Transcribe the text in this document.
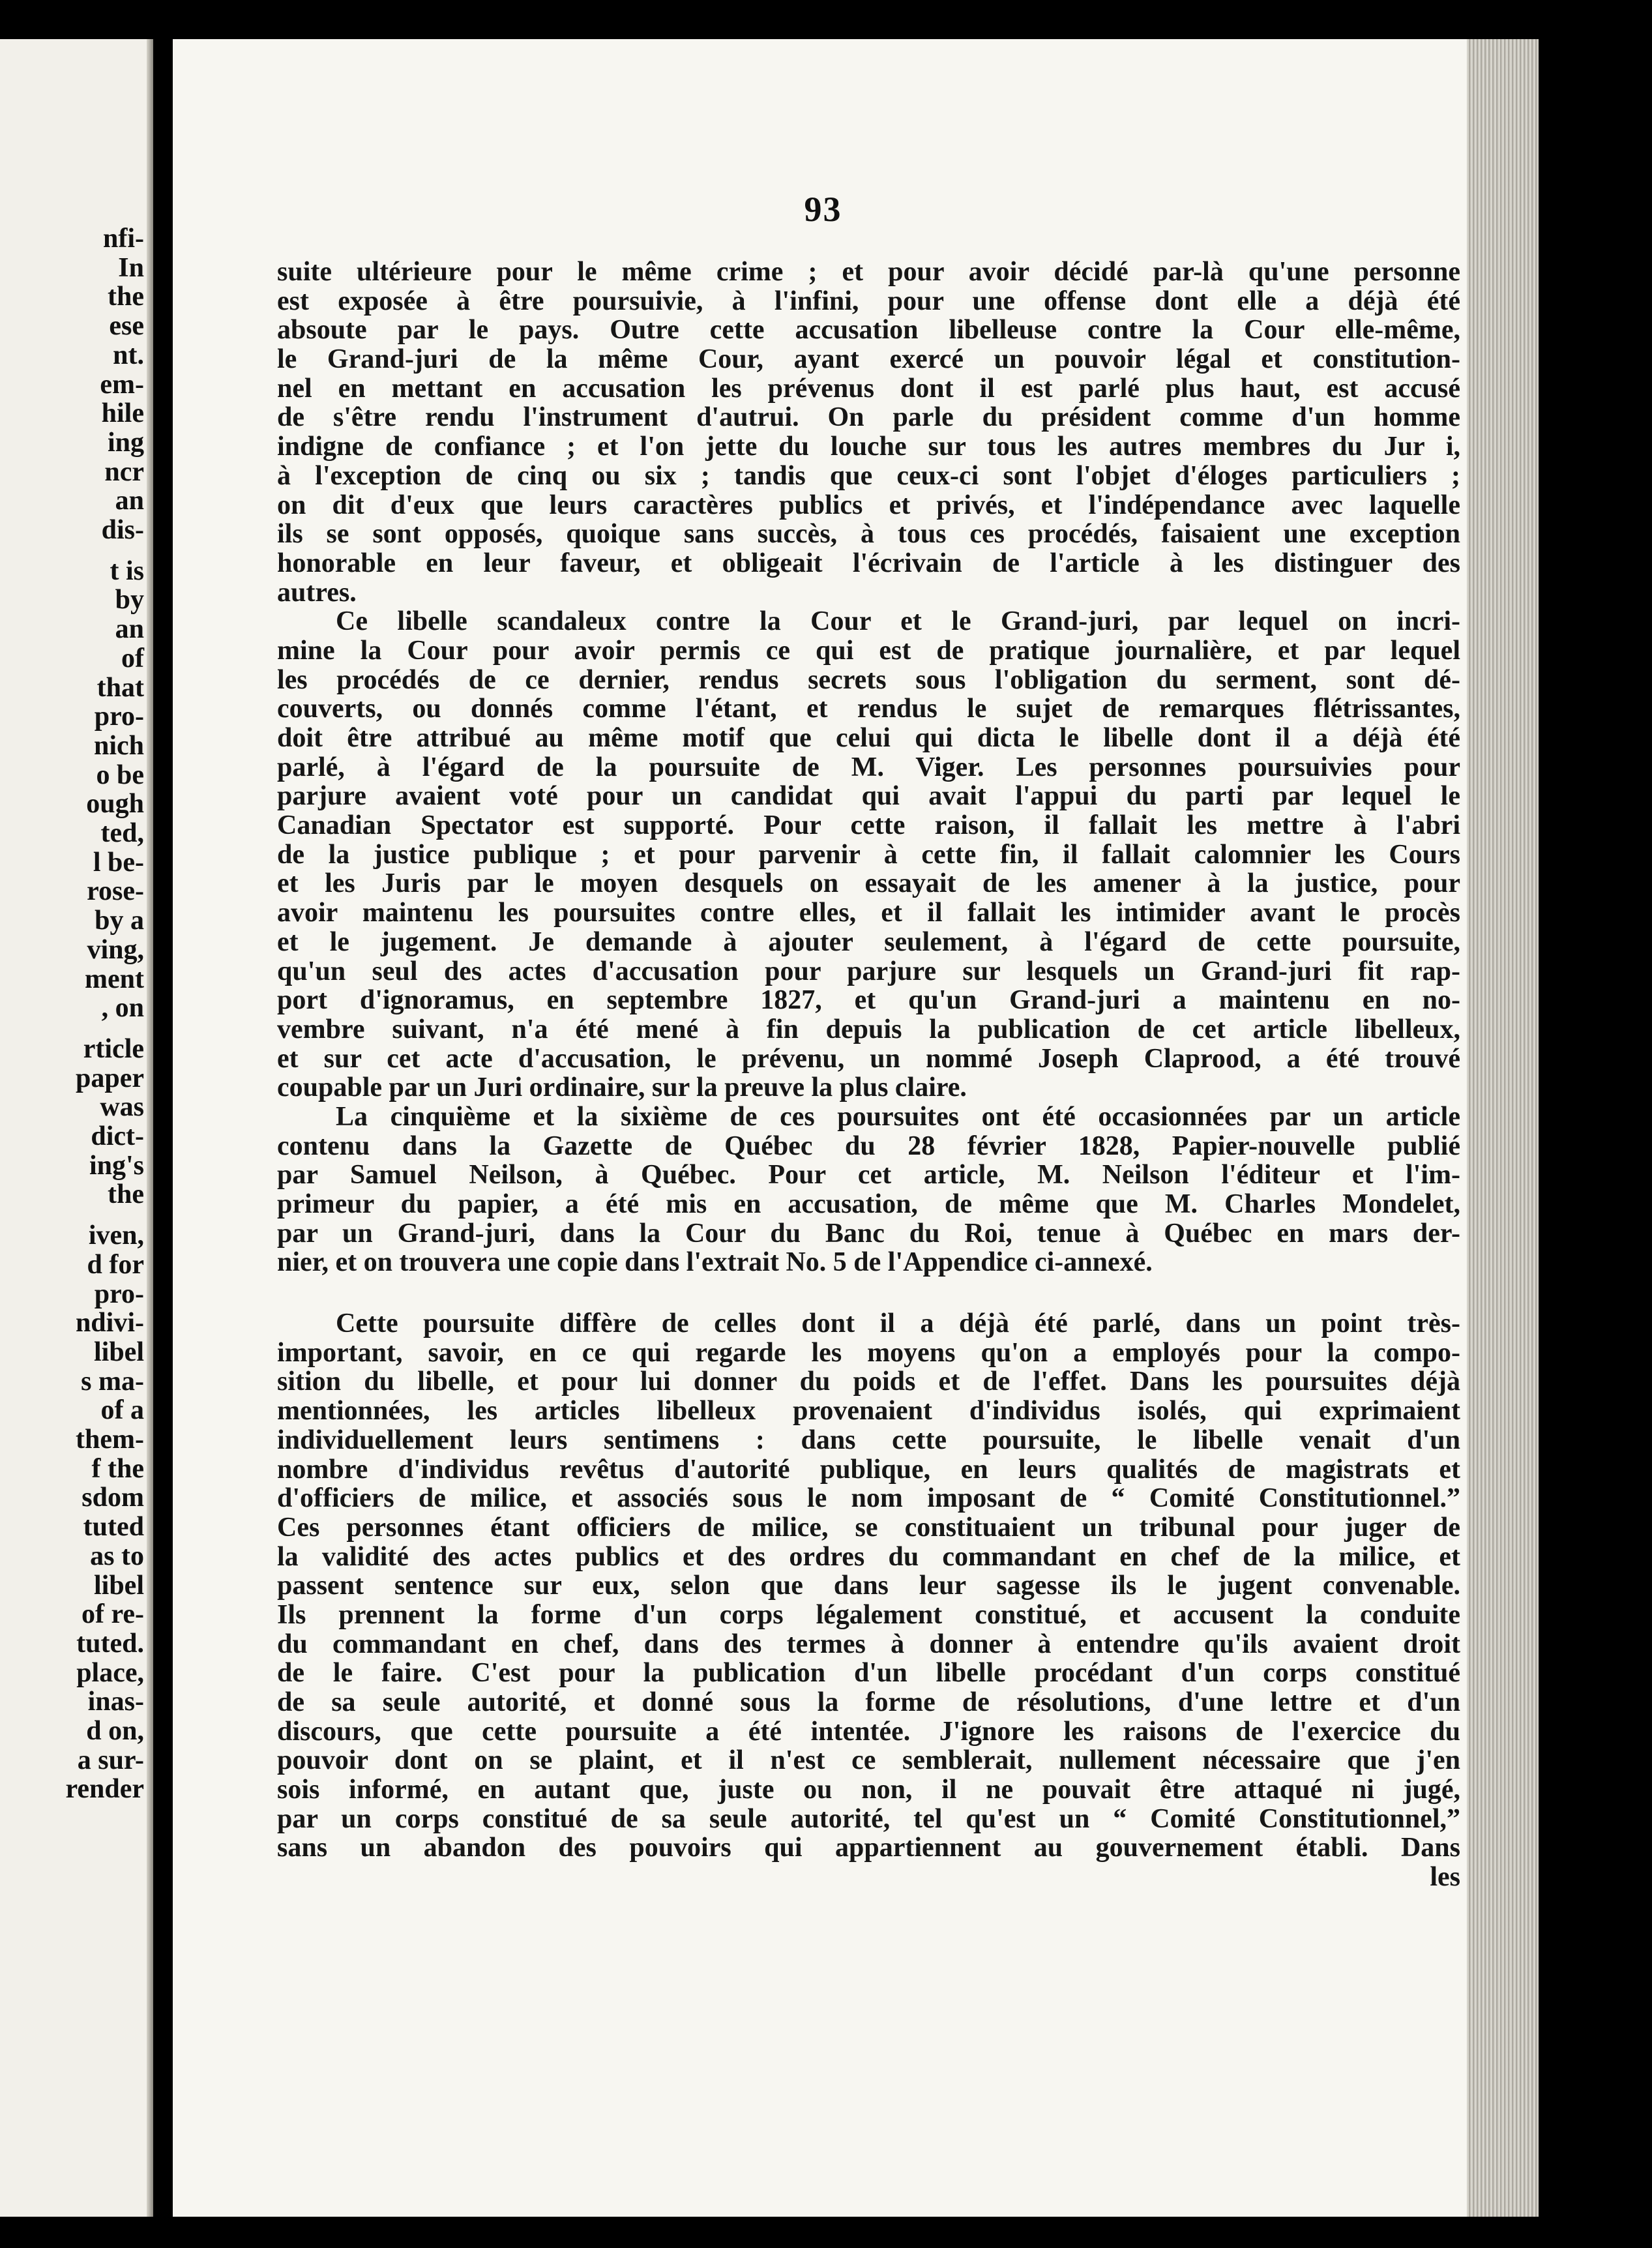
nfi-
In
the
ese
nt.
em-
hile
ing
ncr
an
dis-
t is
by
an
of
that
pro-
nich
o be
ough
ted,
l be-
rose-
by a
ving,
ment
, on
rticle
paper
was
dict-
ing's
the
iven,
d for
pro-
ndivi-
libel
s ma-
of a
them-
f the
sdom
tuted
as to
libel
of re-
tuted.
place,
inas-
d on,
a sur-
render
93
suite ultérieure pour le même crime ; et pour avoir décidé par-là qu'une personne
est exposée à être poursuivie, à l'infini, pour une offense dont elle a déjà été
absoute par le pays. Outre cette accusation libelleuse contre la Cour elle-même,
le Grand-juri de la même Cour, ayant exercé un pouvoir légal et constitution-
nel en mettant en accusation les prévenus dont il est parlé plus haut, est accusé
de s'être rendu l'instrument d'autrui. On parle du président comme d'un homme
indigne de confiance ; et l'on jette du louche sur tous les autres membres du Jur i,
à l'exception de cinq ou six ; tandis que ceux-ci sont l'objet d'éloges particuliers ;
on dit d'eux que leurs caractères publics et privés, et l'indépendance avec laquelle
ils se sont opposés, quoique sans succès, à tous ces procédés, faisaient une exception
honorable en leur faveur, et obligeait l'écrivain de l'article à les distinguer des
autres.
Ce libelle scandaleux contre la Cour et le Grand-juri, par lequel on incri-
mine la Cour pour avoir permis ce qui est de pratique journalière, et par lequel
les procédés de ce dernier, rendus secrets sous l'obligation du serment, sont dé-
couverts, ou donnés comme l'étant, et rendus le sujet de remarques flétrissantes,
doit être attribué au même motif que celui qui dicta le libelle dont il a déjà été
parlé, à l'égard de la poursuite de M. Viger. Les personnes poursuivies pour
parjure avaient voté pour un candidat qui avait l'appui du parti par lequel le
Canadian Spectator est supporté. Pour cette raison, il fallait les mettre à l'abri
de la justice publique ; et pour parvenir à cette fin, il fallait calomnier les Cours
et les Juris par le moyen desquels on essayait de les amener à la justice, pour
avoir maintenu les poursuites contre elles, et il fallait les intimider avant le procès
et le jugement. Je demande à ajouter seulement, à l'égard de cette poursuite,
qu'un seul des actes d'accusation pour parjure sur lesquels un Grand-juri fit rap-
port d'ignoramus, en septembre 1827, et qu'un Grand-juri a maintenu en no-
vembre suivant, n'a été mené à fin depuis la publication de cet article libelleux,
et sur cet acte d'accusation, le prévenu, un nommé Joseph Claprood, a été trouvé
coupable par un Juri ordinaire, sur la preuve la plus claire.
La cinquième et la sixième de ces poursuites ont été occasionnées par un article
contenu dans la Gazette de Québec du 28 février 1828, Papier-nouvelle publié
par Samuel Neilson, à Québec. Pour cet article, M. Neilson l'éditeur et l'im-
primeur du papier, a été mis en accusation, de même que M. Charles Mondelet,
par un Grand-juri, dans la Cour du Banc du Roi, tenue à Québec en mars der-
nier, et on trouvera une copie dans l'extrait No. 5 de l'Appendice ci-annexé.
Cette poursuite diffère de celles dont il a déjà été parlé, dans un point très-
important, savoir, en ce qui regarde les moyens qu'on a employés pour la compo-
sition du libelle, et pour lui donner du poids et de l'effet. Dans les poursuites déjà
mentionnées, les articles libelleux provenaient d'individus isolés, qui exprimaient
individuellement leurs sentimens : dans cette poursuite, le libelle venait d'un
nombre d'individus revêtus d'autorité publique, en leurs qualités de magistrats et
d'officiers de milice, et associés sous le nom imposant de “ Comité Constitutionnel.”
Ces personnes étant officiers de milice, se constituaient un tribunal pour juger de
la validité des actes publics et des ordres du commandant en chef de la milice, et
passent sentence sur eux, selon que dans leur sagesse ils le jugent convenable.
Ils prennent la forme d'un corps légalement constitué, et accusent la conduite
du commandant en chef, dans des termes à donner à entendre qu'ils avaient droit
de le faire. C'est pour la publication d'un libelle procédant d'un corps constitué
de sa seule autorité, et donné sous la forme de résolutions, d'une lettre et d'un
discours, que cette poursuite a été intentée. J'ignore les raisons de l'exercice du
pouvoir dont on se plaint, et il n'est ce semblerait, nullement nécessaire que j'en
sois informé, en autant que, juste ou non, il ne pouvait être attaqué ni jugé,
par un corps constitué de sa seule autorité, tel qu'est un “ Comité Constitutionnel,”
sans un abandon des pouvoirs qui appartiennent au gouvernement établi. Dans
les
